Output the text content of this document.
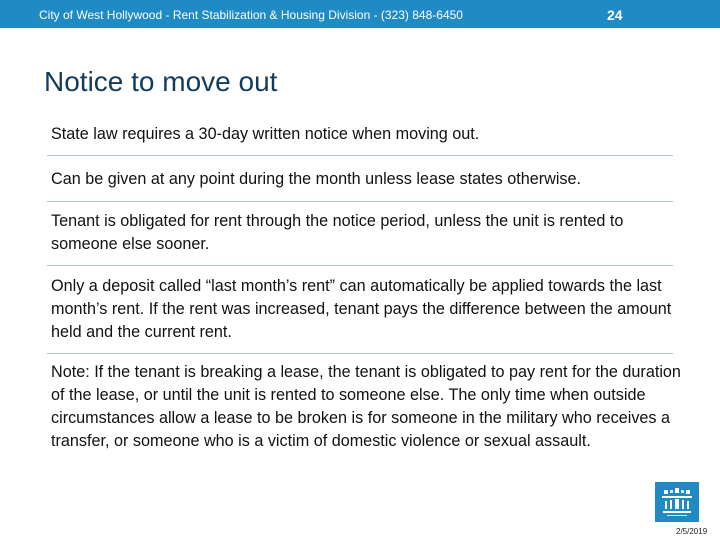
City of West Hollywood - Rent Stabilization & Housing Division - (323) 848-6450	24
Notice to move out

State law requires a 30-day written notice when moving out.

Can be given at any point during the month unless lease states otherwise.

Tenant is obligated for rent through the notice period, unless the unit is rented to someone else sooner.

Only a deposit called “last month’s rent” can automatically be applied towards the last month’s rent. If the rent was increased, tenant pays the difference between the amount held and the current rent.

Note: If the tenant is breaking a lease, the tenant is obligated to pay rent for the duration of the lease, or until the unit is rented to someone else. The only time when outside circumstances allow a lease to be broken is for someone in the military who receives a transfer, or someone who is a victim of domestic violence or sexual assault.

2/5/2019
